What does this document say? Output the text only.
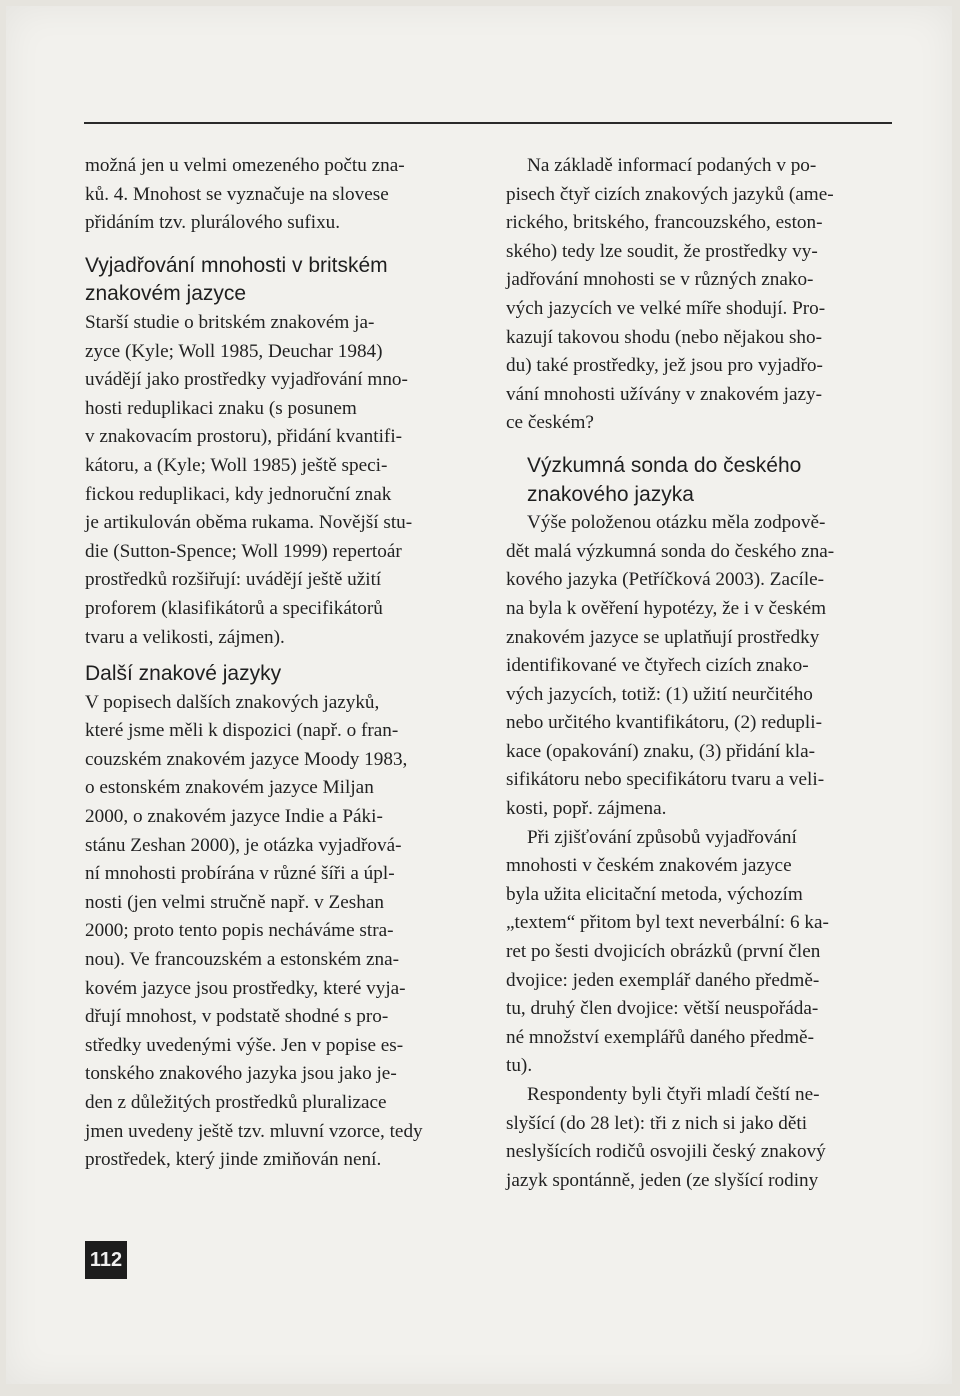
možná jen u velmi omezeného počtu zna-
ků. 4. Mnohost se vyznačuje na slovese
přidáním tzv. plurálového sufixu.
Vyjadřování mnohosti v britském
znakovém jazyce
Starší studie o britském znakovém ja-
zyce (Kyle; Woll 1985, Deuchar 1984)
uvádějí jako prostředky vyjadřování mno-
hosti reduplikaci znaku (s posunem
v znakovacím prostoru), přidání kvantifi-
kátoru, a (Kyle; Woll 1985) ještě speci-
fickou reduplikaci, kdy jednoruční znak
je artikulován oběma rukama. Novější stu-
die (Sutton-Spence; Woll 1999) repertoár
prostředků rozšiřují: uvádějí ještě užití
proforem (klasifikátorů a specifikátorů
tvaru a velikosti, zájmen).
Další znakové jazyky
V popisech dalších znakových jazyků,
které jsme měli k dispozici (např. o fran-
couzském znakovém jazyce Moody 1983,
o estonském znakovém jazyce Miljan
2000, o znakovém jazyce Indie a Páki-
stánu Zeshan 2000), je otázka vyjadřová-
ní mnohosti probírána v různé šíři a úpl-
nosti (jen velmi stručně např. v Zeshan
2000; proto tento popis necháváme stra-
nou). Ve francouzském a estonském zna-
kovém jazyce jsou prostředky, které vyja-
dřují mnohost, v podstatě shodné s pro-
středky uvedenými výše. Jen v popise es-
tonského znakového jazyka jsou jako je-
den z důležitých prostředků pluralizace
jmen uvedeny ještě tzv. mluvní vzorce, tedy
prostředek, který jinde zmiňován není.
Na základě informací podaných v po-
pisech čtyř cizích znakových jazyků (ame-
rického, britského, francouzského, eston-
ského) tedy lze soudit, že prostředky vy-
jadřování mnohosti se v různých znako-
vých jazycích ve velké míře shodují. Pro-
kazují takovou shodu (nebo nějakou sho-
du) také prostředky, jež jsou pro vyjadřo-
vání mnohosti užívány v znakovém jazy-
ce českém?
Výzkumná sonda do českého
znakového jazyka
Výše položenou otázku měla zodpově-
dět malá výzkumná sonda do českého zna-
kového jazyka (Petříčková 2003). Zacíle-
na byla k ověření hypotézy, že i v českém
znakovém jazyce se uplatňují prostředky
identifikované ve čtyřech cizích znako-
vých jazycích, totiž: (1) užití neurčitého
nebo určitého kvantifikátoru, (2) redupli-
kace (opakování) znaku, (3) přidání kla-
sifikátoru nebo specifikátoru tvaru a veli-
kosti, popř. zájmena.
Při zjišťování způsobů vyjadřování
mnohosti v českém znakovém jazyce
byla užita elicitační metoda, výchozím
„textem“ přitom byl text neverbální: 6 ka-
ret po šesti dvojicích obrázků (první člen
dvojice: jeden exemplář daného předmě-
tu, druhý člen dvojice: větší neuspořáda-
né množství exemplářů daného předmě-
tu).
Respondenty byli čtyři mladí čeští ne-
slyšící (do 28 let): tři z nich si jako děti
neslyšících rodičů osvojili český znakový
jazyk spontánně, jeden (ze slyšící rodiny
112
